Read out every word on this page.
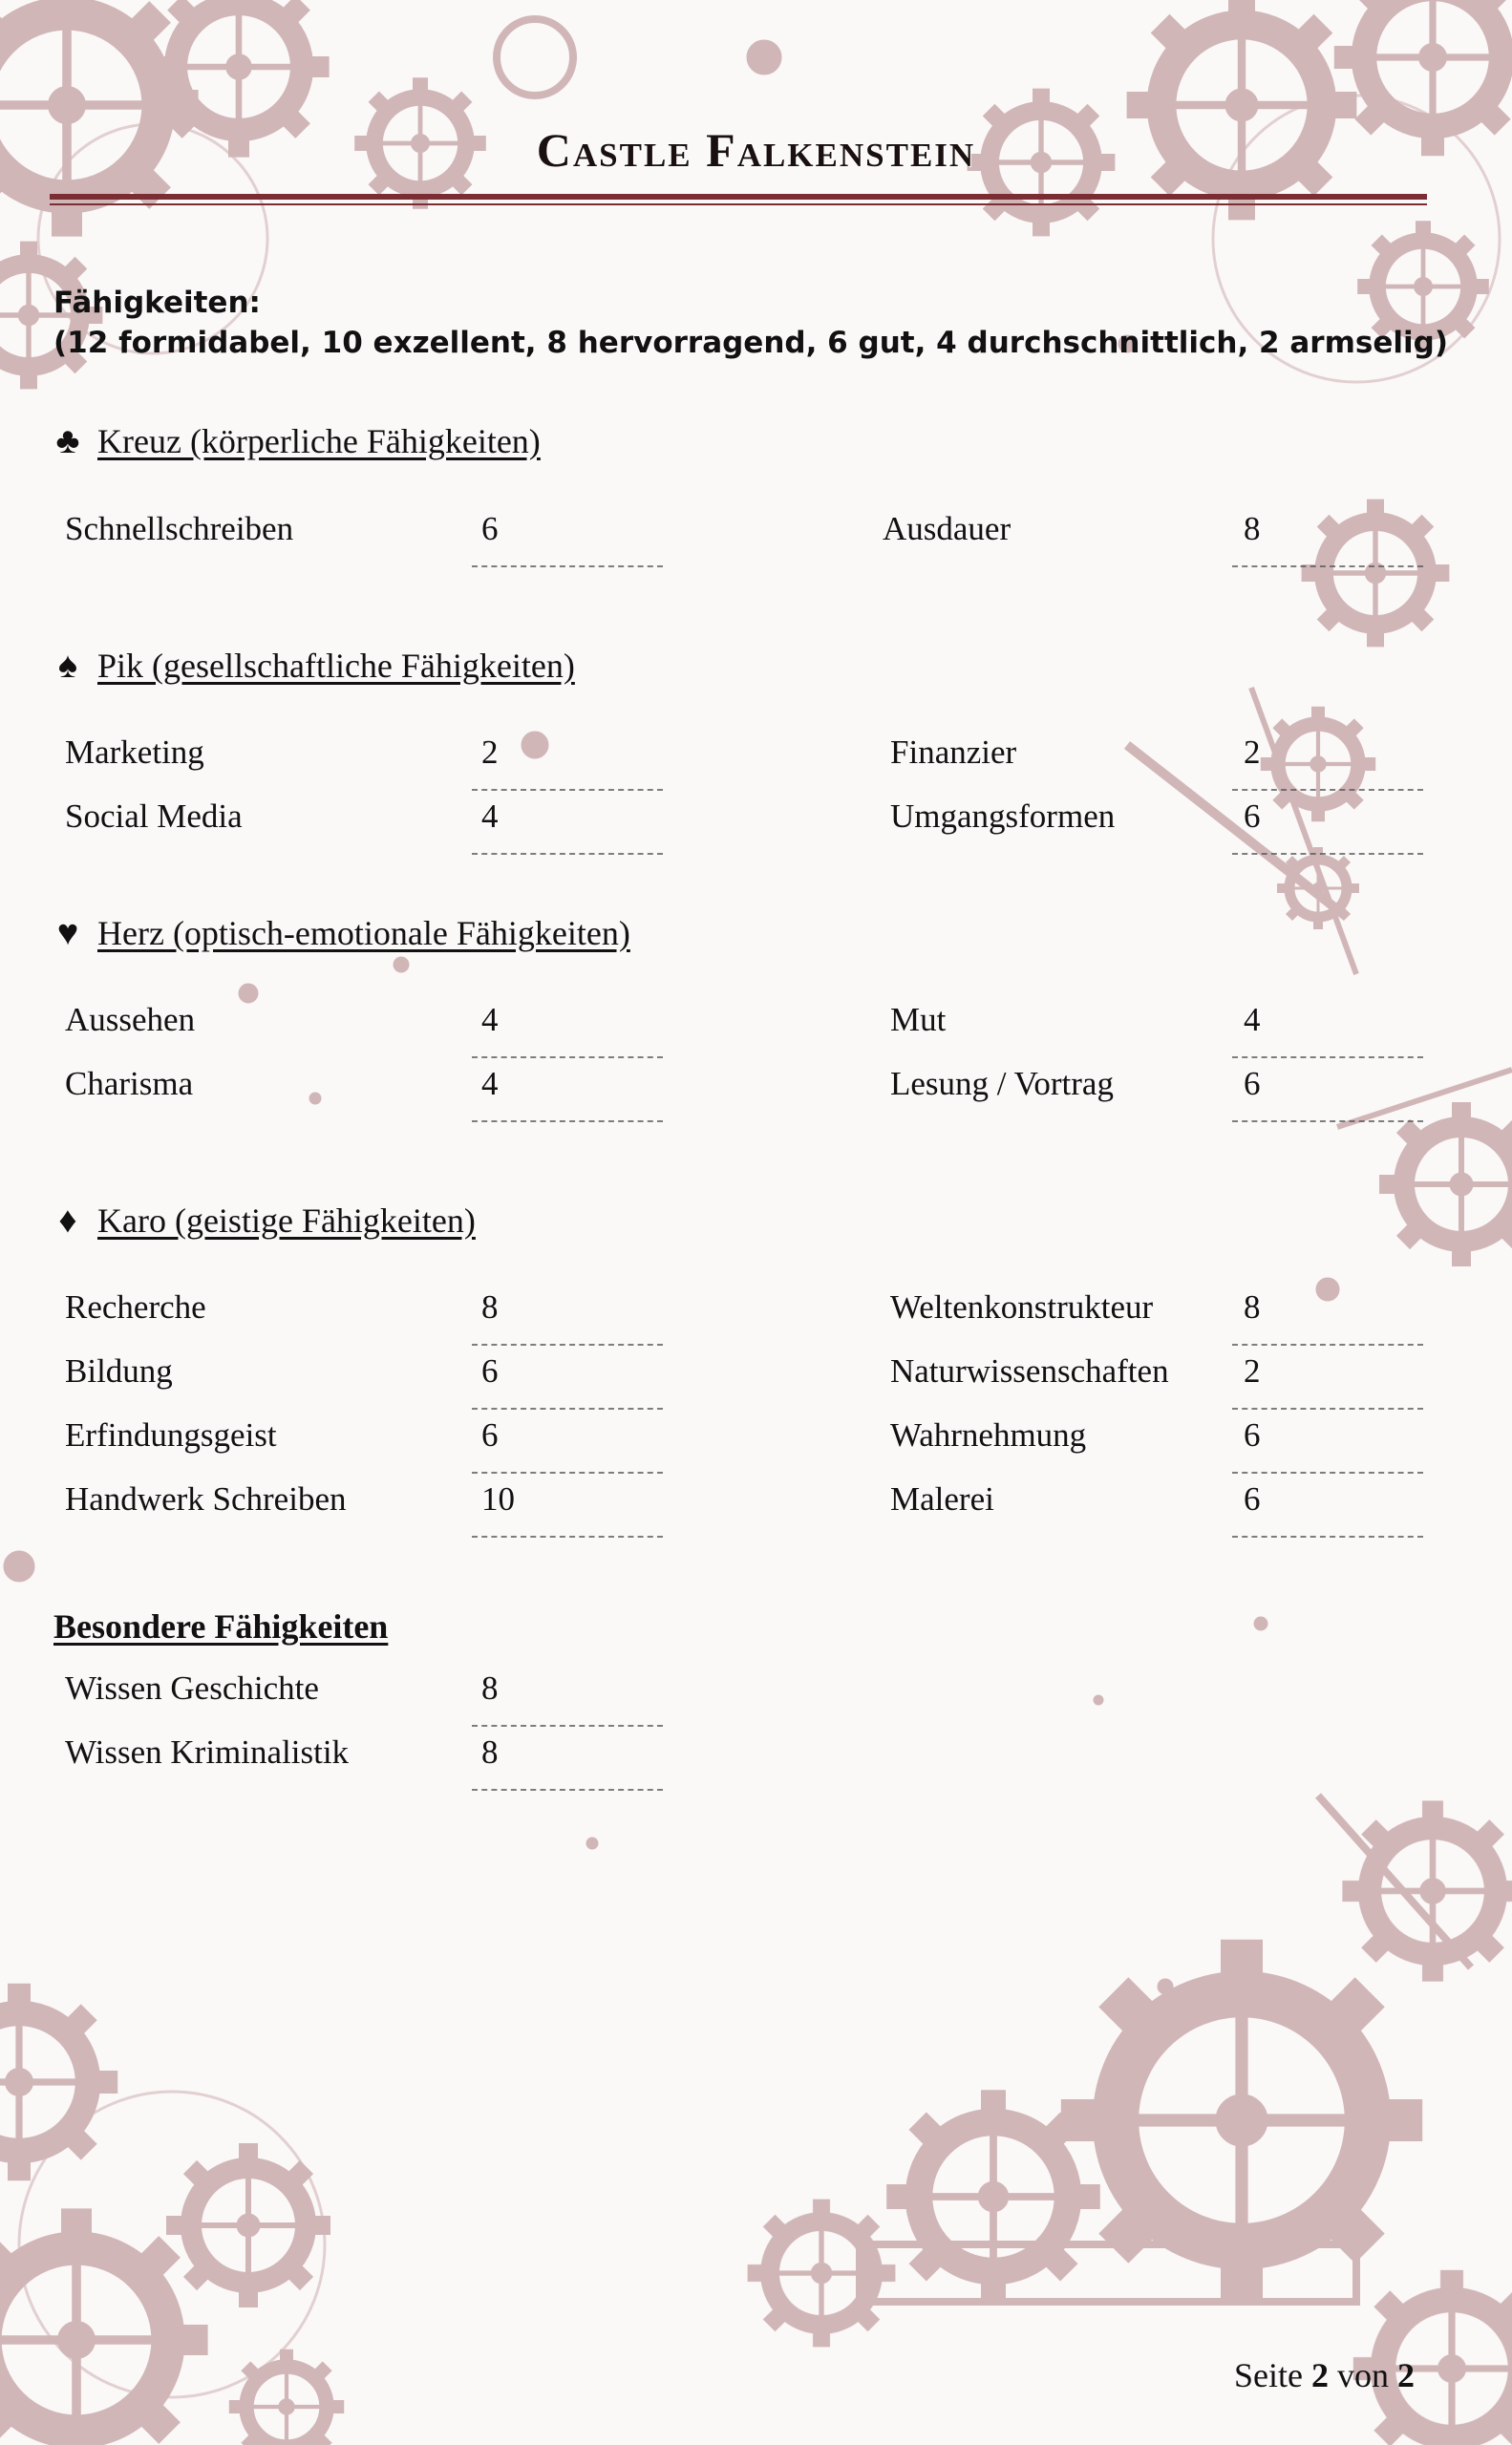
Castle Falkenstein
Fähigkeiten:
(12 formidabel, 10 exzellent, 8 hervorragend, 6 gut, 4 durchschnittlich, 2 armselig)
♣ Kreuz (körperliche Fähigkeiten)
Schnellschreiben	6	Ausdauer	8
♠ Pik (gesellschaftliche Fähigkeiten)
Marketing	2	Finanzier	2
Social Media	4	Umgangsformen	6
♥ Herz (optisch-emotionale Fähigkeiten)
Aussehen	4	Mut	4
Charisma	4	Lesung / Vortrag	6
♦ Karo (geistige Fähigkeiten)
Recherche	8	Weltenkonstrukteur	8
Bildung	6	Naturwissenschaften 2
Erfindungsgeist	6	Wahrnehmung	6
Handwerk Schreiben	10	Malerei	6
Besondere Fähigkeiten
Wissen Geschichte	8
Wissen Kriminalistik	8
Seite 2 von 2
